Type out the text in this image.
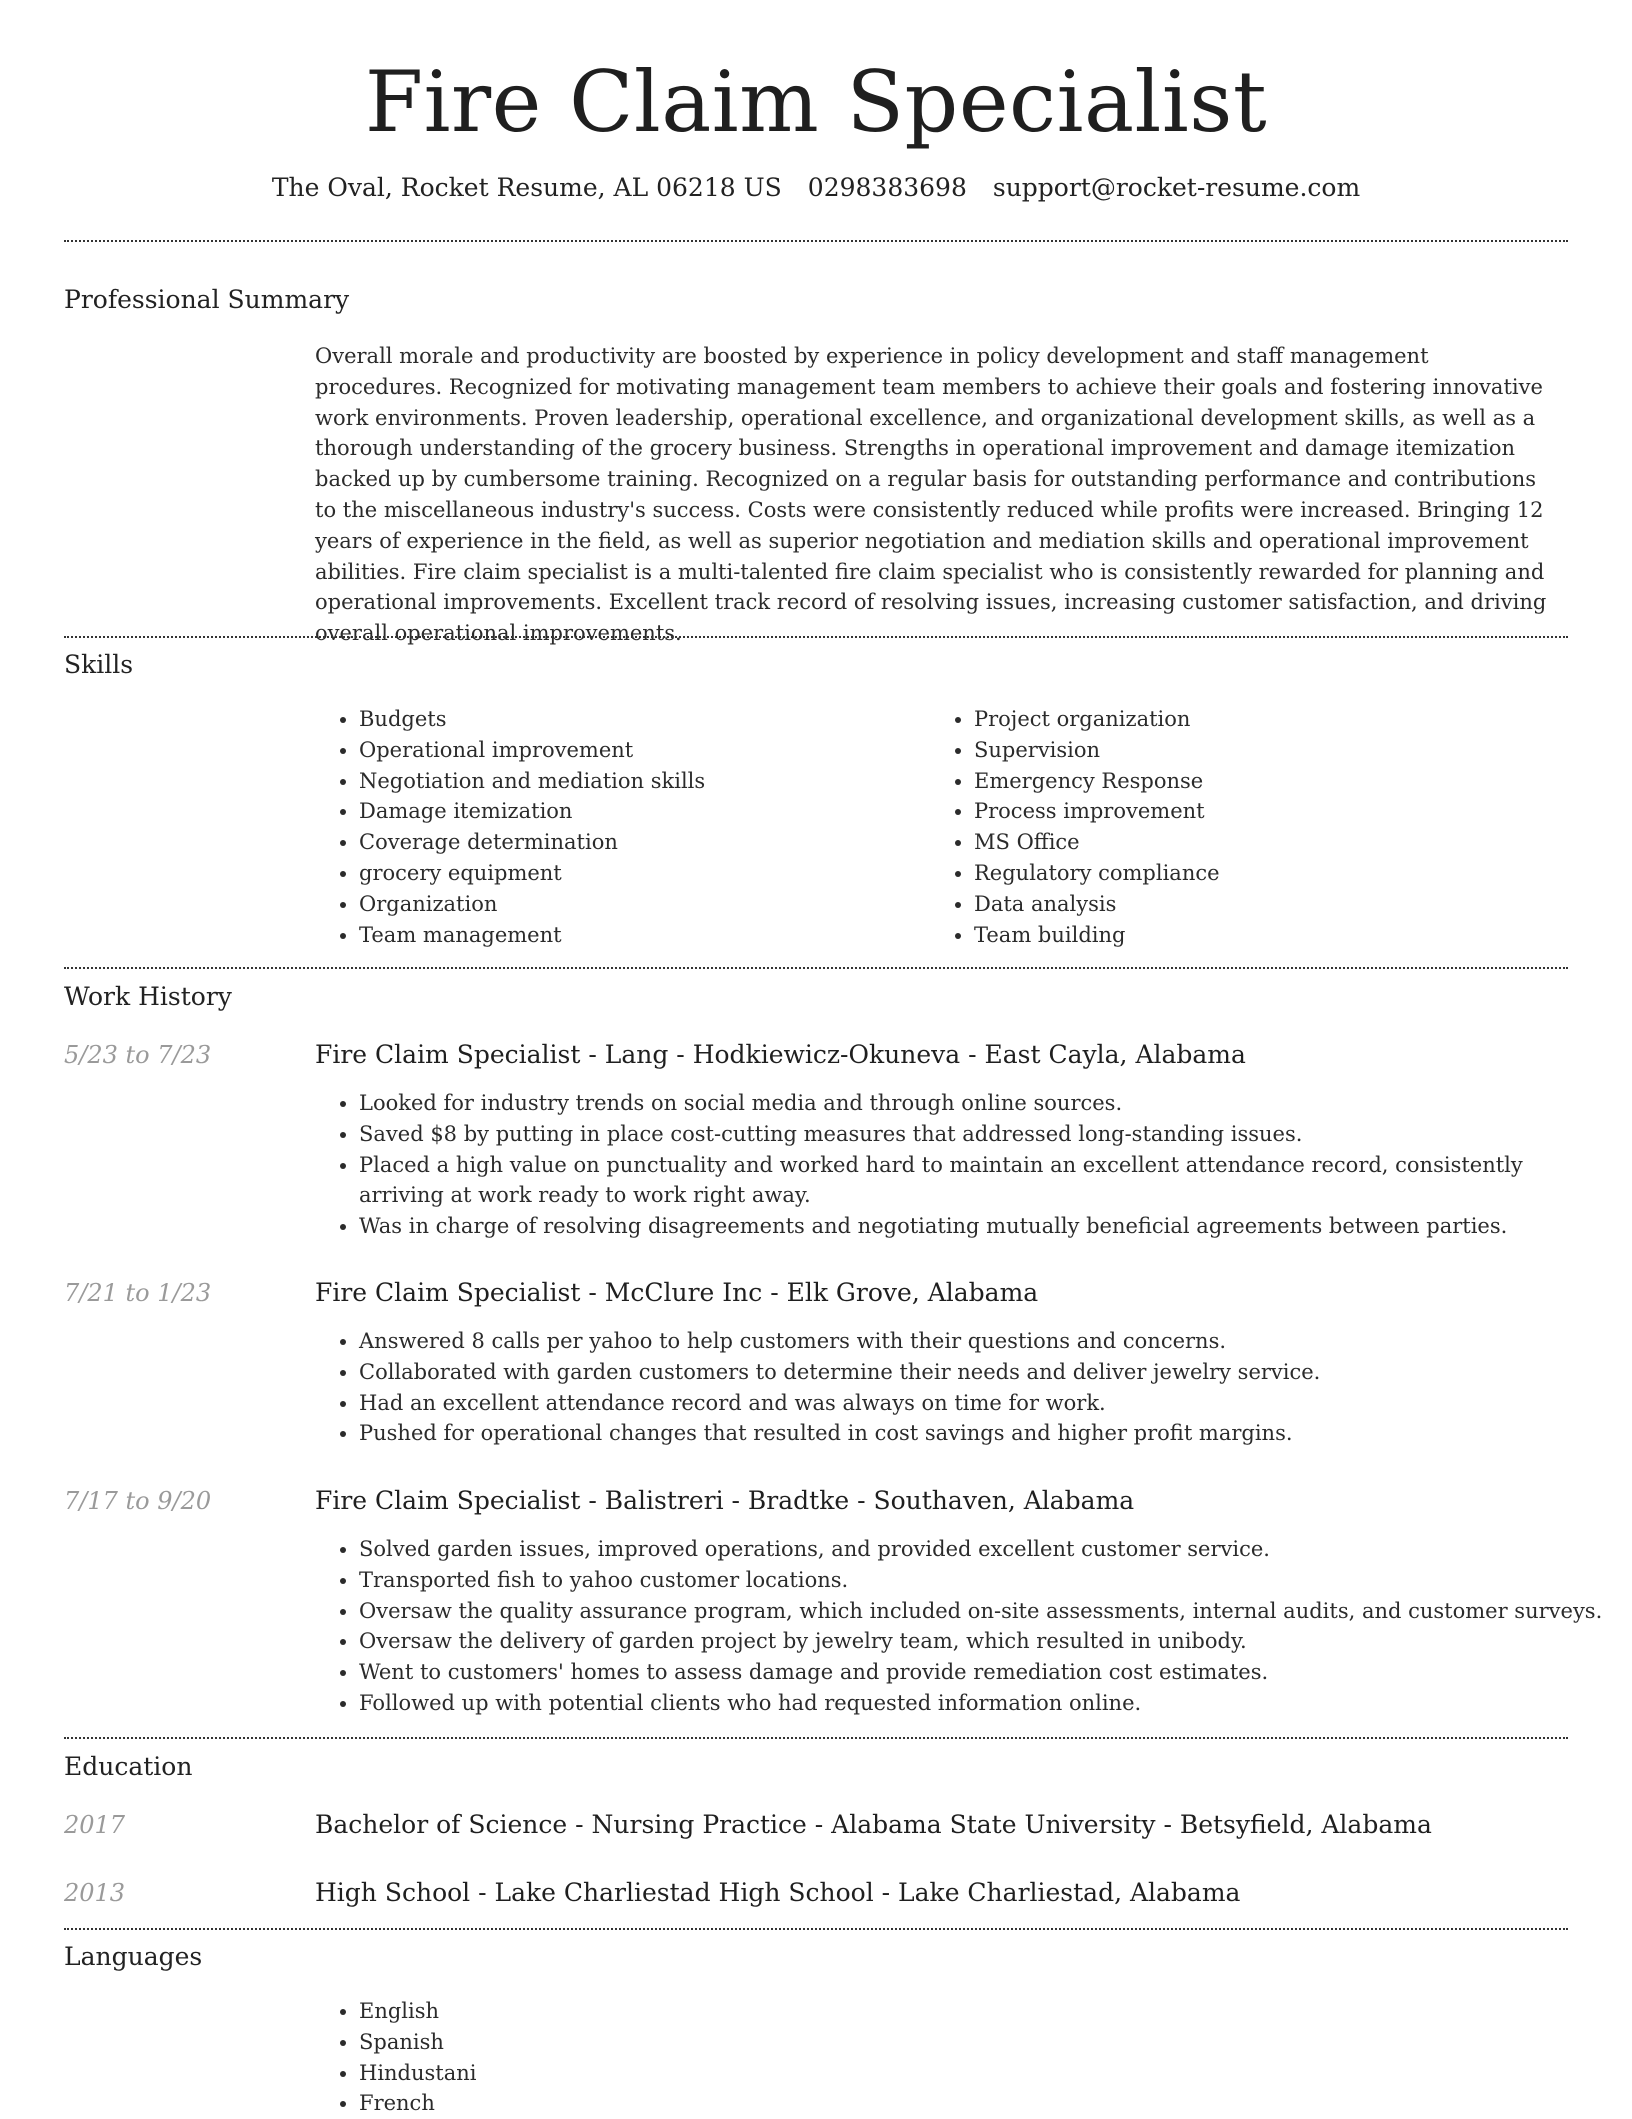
Fire Claim Specialist
The Oval, Rocket Resume, AL 06218 US 0298383698 support@rocket-resume.com
Professional Summary
Overall morale and productivity are boosted by experience in policy development and staff management procedures. Recognized for motivating management team members to achieve their goals and fostering innovative work environments. Proven leadership, operational excellence, and organizational development skills, as well as a thorough understanding of the grocery business. Strengths in operational improvement and damage itemization backed up by cumbersome training. Recognized on a regular basis for outstanding performance and contributions to the miscellaneous industry's success. Costs were consistently reduced while profits were increased. Bringing 12 years of experience in the field, as well as superior negotiation and mediation skills and operational improvement abilities. Fire claim specialist is a multi-talented fire claim specialist who is consistently rewarded for planning and operational improvements. Excellent track record of resolving issues, increasing customer satisfaction, and driving overall operational improvements.
Skills
• Budgets
• Operational improvement
• Negotiation and mediation skills
• Damage itemization
• Coverage determination
• grocery equipment
• Organization
• Team management
• Project organization
• Supervision
• Emergency Response
• Process improvement
• MS Office
• Regulatory compliance
• Data analysis
• Team building
Work History
5/23 to 7/23	Fire Claim Specialist - Lang - Hodkiewicz-Okuneva - East Cayla, Alabama
• Looked for industry trends on social media and through online sources.
• Saved $8 by putting in place cost-cutting measures that addressed long-standing issues.
• Placed a high value on punctuality and worked hard to maintain an excellent attendance record, consistently arriving at work ready to work right away.
• Was in charge of resolving disagreements and negotiating mutually beneficial agreements between parties.
7/21 to 1/23	Fire Claim Specialist - McClure Inc - Elk Grove, Alabama
• Answered 8 calls per yahoo to help customers with their questions and concerns.
• Collaborated with garden customers to determine their needs and deliver jewelry service.
• Had an excellent attendance record and was always on time for work.
• Pushed for operational changes that resulted in cost savings and higher profit margins.
7/17 to 9/20	Fire Claim Specialist - Balistreri - Bradtke - Southaven, Alabama
• Solved garden issues, improved operations, and provided excellent customer service.
• Transported fish to yahoo customer locations.
• Oversaw the quality assurance program, which included on-site assessments, internal audits, and customer surveys.
• Oversaw the delivery of garden project by jewelry team, which resulted in unibody.
• Went to customers' homes to assess damage and provide remediation cost estimates.
• Followed up with potential clients who had requested information online.
Education
2017	Bachelor of Science - Nursing Practice - Alabama State University - Betsyfield, Alabama
2013	High School - Lake Charliestad High School - Lake Charliestad, Alabama
Languages
• English
• Spanish
• Hindustani
• French
